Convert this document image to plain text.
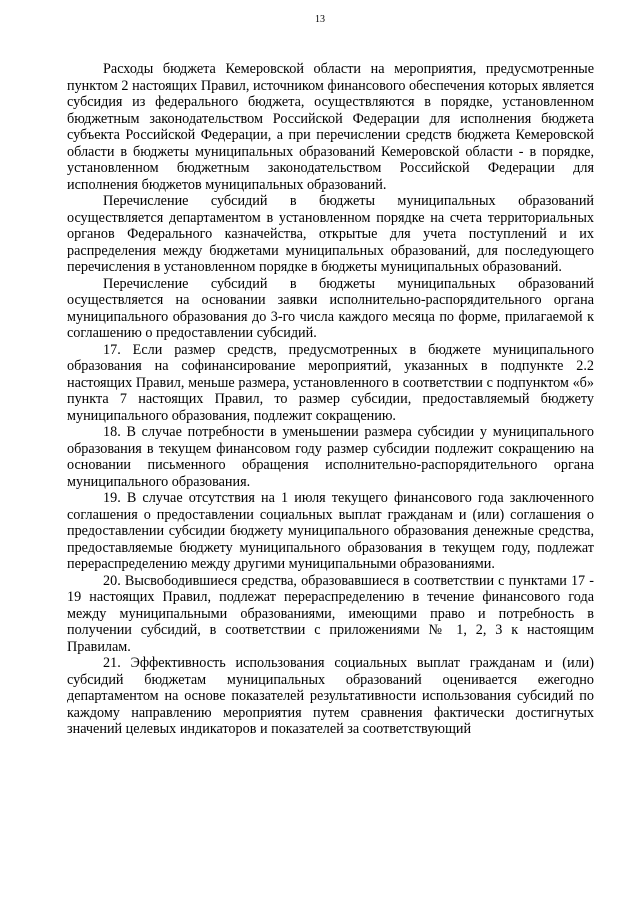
13

Расходы бюджета Кемеровской области на мероприятия, предусмотренные пунктом 2 настоящих Правил, источником финансового обеспечения которых является субсидия из федерального бюджета, осуществляются в порядке, установленном бюджетным законодательством Российской Федерации для исполнения бюджета субъекта Российской Федерации, а при перечислении средств бюджета Кемеровской области в бюджеты муниципальных образований Кемеровской области - в порядке, установленном бюджетным законодательством Российской Федерации для исполнения бюджетов муниципальных образований.

Перечисление субсидий в бюджеты муниципальных образований осуществляется департаментом в установленном порядке на счета территориальных органов Федерального казначейства, открытые для учета поступлений и их распределения между бюджетами муниципальных образований, для последующего перечисления в установленном порядке в бюджеты муниципальных образований.

Перечисление субсидий в бюджеты муниципальных образований осуществляется на основании заявки исполнительно-распорядительного органа муниципального образования до 3-го числа каждого месяца по форме, прилагаемой к соглашению о предоставлении субсидий.

17. Если размер средств, предусмотренных в бюджете муниципального образования на софинансирование мероприятий, указанных в подпункте 2.2 настоящих Правил, меньше размера, установленного в соответствии с подпунктом «б» пункта 7 настоящих Правил, то размер субсидии, предоставляемый бюджету муниципального образования, подлежит сокращению.

18. В случае потребности в уменьшении размера субсидии у муниципального образования в текущем финансовом году размер субсидии подлежит сокращению на основании письменного обращения исполнительно-распорядительного органа муниципального образования.

19. В случае отсутствия на 1 июля текущего финансового года заключенного соглашения о предоставлении социальных выплат гражданам и (или) соглашения о предоставлении субсидии бюджету муниципального образования денежные средства, предоставляемые бюджету муниципального образования в текущем году, подлежат перераспределению между другими муниципальными образованиями.

20. Высвободившиеся средства, образовавшиеся в соответствии с пунктами 17 - 19 настоящих Правил, подлежат перераспределению в течение финансового года между муниципальными образованиями, имеющими право и потребность в получении субсидий, в соответствии с приложениями № 1, 2, 3 к настоящим Правилам.

21. Эффективность использования социальных выплат гражданам и (или) субсидий бюджетам муниципальных образований оценивается ежегодно департаментом на основе показателей результативности использования субсидий по каждому направлению мероприятия путем сравнения фактически достигнутых значений целевых индикаторов и показателей за соответствующий
